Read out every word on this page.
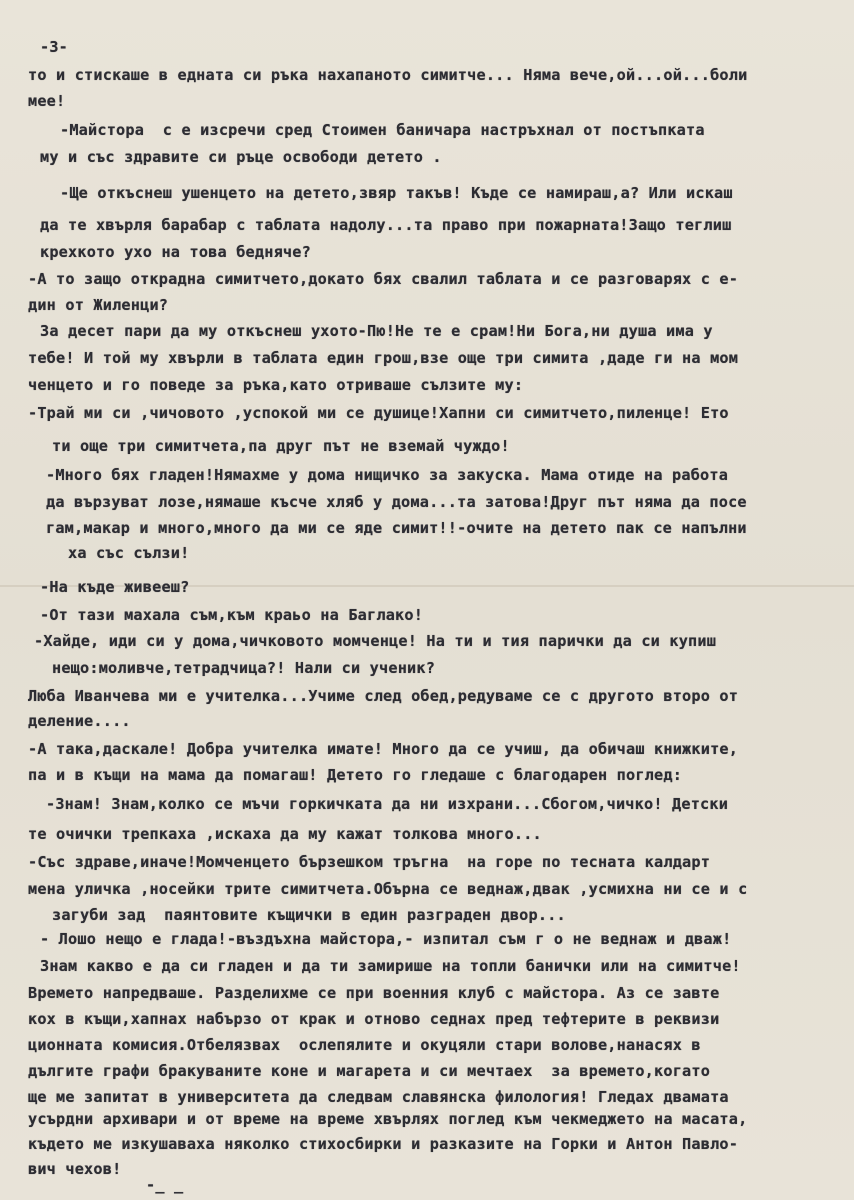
-3-
то и стискаше в едната си ръка нахапаното симитче... Няма вече,ой...ой...боли
мее!
-Майстора  с е изсречи сред Стоимен баничара настръхнал от постъпката
му и със здравите си ръце освободи детето .
-Ще откъснеш ушенцето на детето,звяр такъв! Къде се намираш,а? Или искаш
да те хвърля барабар с таблата надолу...та право при пожарната!Защо теглиш
крехкото ухо на това бедняче?
-А то защо открадна симитчето,докато бях свалил таблата и се разговарях с е-
дин от Жиленци?
За десет пари да му откъснеш ухото-Пю!Не те е срам!Ни Бога,ни душа има у
тебе! И той му хвърли в таблата един грош,взе още три симита ,даде ги на мом
ченцето и го поведе за ръка,като отриваше сълзите му:
-Трай ми си ,чичовото ,успокой ми се душице!Хапни си симитчето,пиленце! Ето
ти още три симитчета,па друг път не вземай чуждо!
-Много бях гладен!Нямахме у дома нищичко за закуска. Мама отиде на работа
да вързуват лозе,нямаше късче хляб у дома...та затова!Друг път няма да посе
гам,макар и много,много да ми се яде симит!!-очите на детето пак се напълни
ха със сълзи!
-На къде живееш?
-От тази махала съм,към краьо на Баглако!
-Хайде, иди си у дома,чичковото момченце! На ти и тия парички да си купиш
нещо:моливче,тетрадчица?! Нали си ученик?
Люба Иванчева ми е учителка...Учиме след обед,редуваме се с другото второ от
деление....
-А така,даскале! Добра учителка имате! Много да се учиш, да обичаш книжките,
па и в къщи на мама да помагаш! Детето го гледаше с благодарен поглед:
-Знам! Знам,колко се мъчи горкичката да ни изхрани...Сбогом,чичко! Детски
те очички трепкаха ,искаха да му кажат толкова много...
-Със здраве,иначе!Момченцето бързешком тръгна  на горе по тесната калдарт
мена уличка ,носейки трите симитчета.Обърна се веднаж,двак ,усмихна ни се и с
загуби зад  паянтовите къщички в един разграден двор...
- Лошо нещо е глада!-въздъхна майстора,- изпитал съм г о не веднаж и дваж!
Знам какво е да си гладен и да ти замирише на топли банички или на симитче!
Времето напредваше. Разделихме се при военния клуб с майстора. Аз се завте
кох в къщи,хапнах набързо от крак и отново седнах пред тефтерите в реквизи
ционната комисия.Отбелязвах  ослепялите и окуцяли стари волове,нанасях в
дългите графи бракуваните коне и магарета и си мечтаех  за времето,когато
ще ме запитат в университета да следвам славянска филология! Гледах двамата
усърдни архивари и от време на време хвърлях поглед към чекмеджето на масата,
където ме изкушаваха няколко стихосбирки и разказите на Горки и Антон Павло-
вич чехов!
-_ _
